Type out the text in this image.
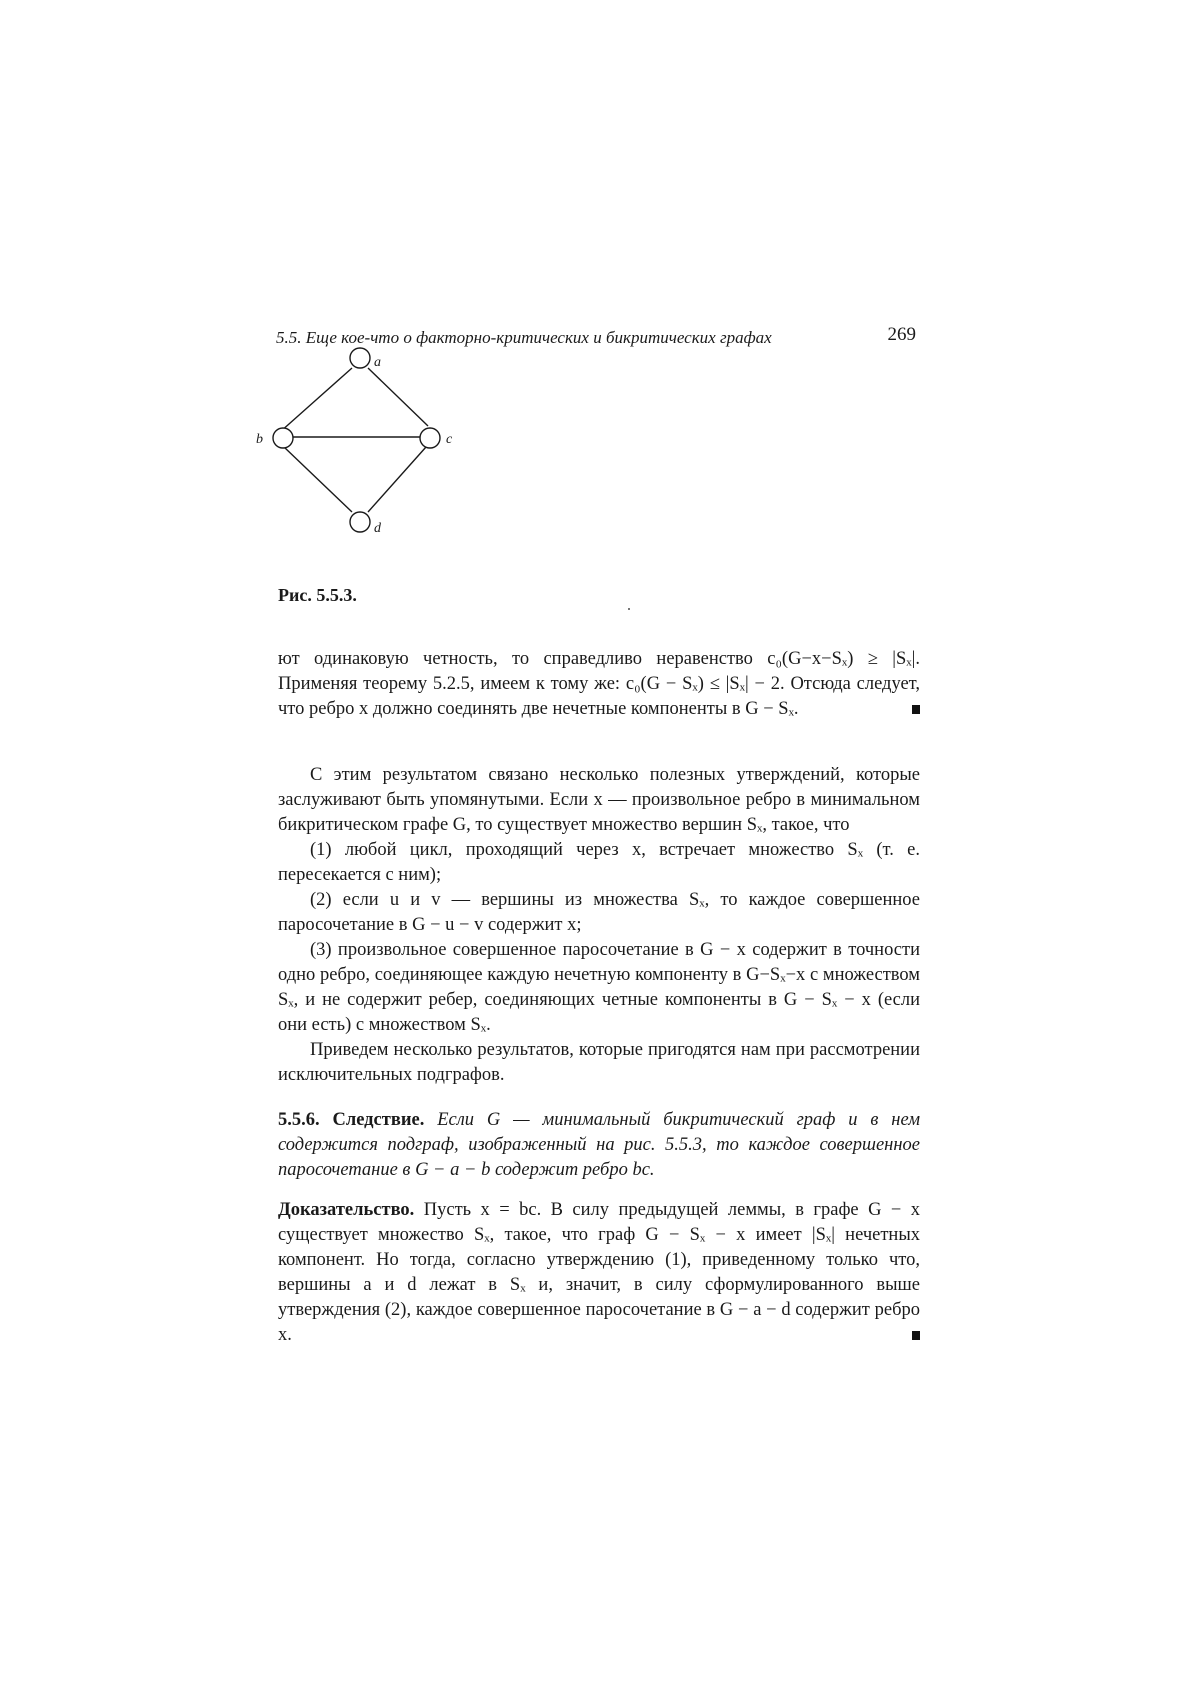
5.5. Еще кое-что о факторно-критических и бикритических графах	269
a
b	c
d
Рис. 5.5.3.

ют одинаковую четность, то справедливо неравенство c₀(G−x−Sₓ) ≥ |Sₓ|. Применяя теорему 5.2.5, имеем к тому же: c₀(G − Sₓ) ≤ |Sₓ| − 2. Отсюда следует, что ребро x должно соединять две нечетные компоненты в G − Sₓ.

С этим результатом связано несколько полезных утверждений, которые заслуживают быть упомянутыми. Если x — произвольное ребро в минимальном бикритическом графе G, то существует множество вершин Sₓ, такое, что

(1) любой цикл, проходящий через x, встречает множество Sₓ (т. е. пересекается с ним);

(2) если u и v — вершины из множества Sₓ, то каждое совершенное паросочетание в G − u − v содержит x;

(3) произвольное совершенное паросочетание в G − x содержит в точности одно ребро, соединяющее каждую нечетную компоненту в G−Sₓ−x с множеством Sₓ, и не содержит ребер, соединяющих четные компоненты в G − Sₓ − x (если они есть) с множеством Sₓ.

Приведем несколько результатов, которые пригодятся нам при рассмотрении исключительных подграфов.

5.5.6. Следствие. Если G — минимальный бикритический граф и в нем содержится подграф, изображенный на рис. 5.5.3, то каждое совершенное паросочетание в G − a − b содержит ребро bc.

Доказательство. Пусть x = bc. В силу предыдущей леммы, в графе G − x существует множество Sₓ, такое, что граф G − Sₓ − x имеет |Sₓ| нечетных компонент. Но тогда, согласно утверждению (1), приведенному только что, вершины a и d лежат в Sₓ и, значит, в силу сформулированного выше утверждения (2), каждое совершенное паросочетание в G − a − d содержит ребро x.
